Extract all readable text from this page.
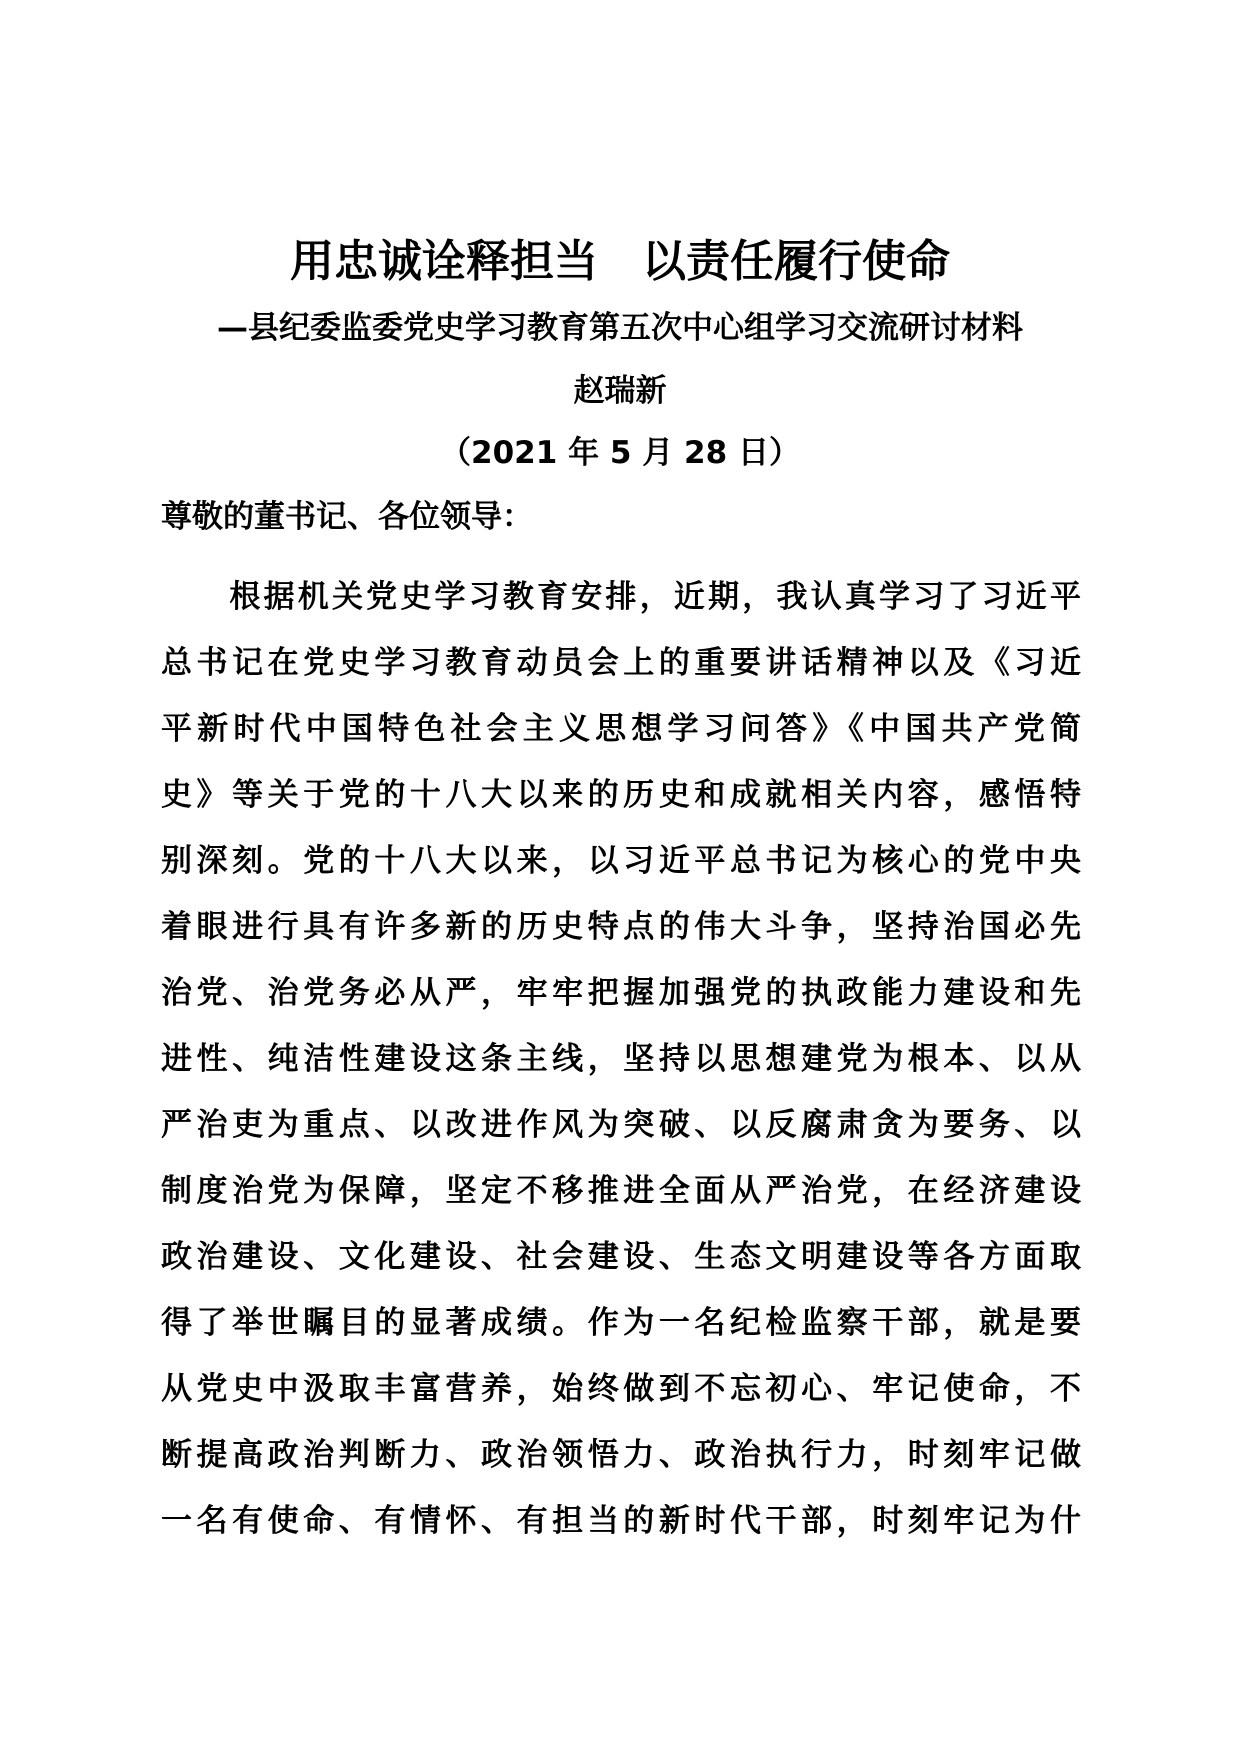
用忠诚诠释担当　以责任履行使命
—县纪委监委党史学习教育第五次中心组学习交流研讨材料
赵瑞新
（2021 年 5 月 28 日）
尊敬的董书记、各位领导：
　　根据机关党史学习教育安排，近期，我认真学习了习近平
总书记在党史学习教育动员会上的重要讲话精神以及《习近
平新时代中国特色社会主义思想学习问答》《中国共产党简
史》等关于党的十八大以来的历史和成就相关内容，感悟特
别深刻。党的十八大以来，以习近平总书记为核心的党中央
着眼进行具有许多新的历史特点的伟大斗争，坚持治国必先
治党、治党务必从严，牢牢把握加强党的执政能力建设和先
进性、纯洁性建设这条主线，坚持以思想建党为根本、以从
严治吏为重点、以改进作风为突破、以反腐肃贪为要务、以
制度治党为保障，坚定不移推进全面从严治党，在经济建设
政治建设、文化建设、社会建设、生态文明建设等各方面取
得了举世瞩目的显著成绩。作为一名纪检监察干部，就是要
从党史中汲取丰富营养，始终做到不忘初心、牢记使命，不
断提高政治判断力、政治领悟力、政治执行力，时刻牢记做
一名有使命、有情怀、有担当的新时代干部，时刻牢记为什
